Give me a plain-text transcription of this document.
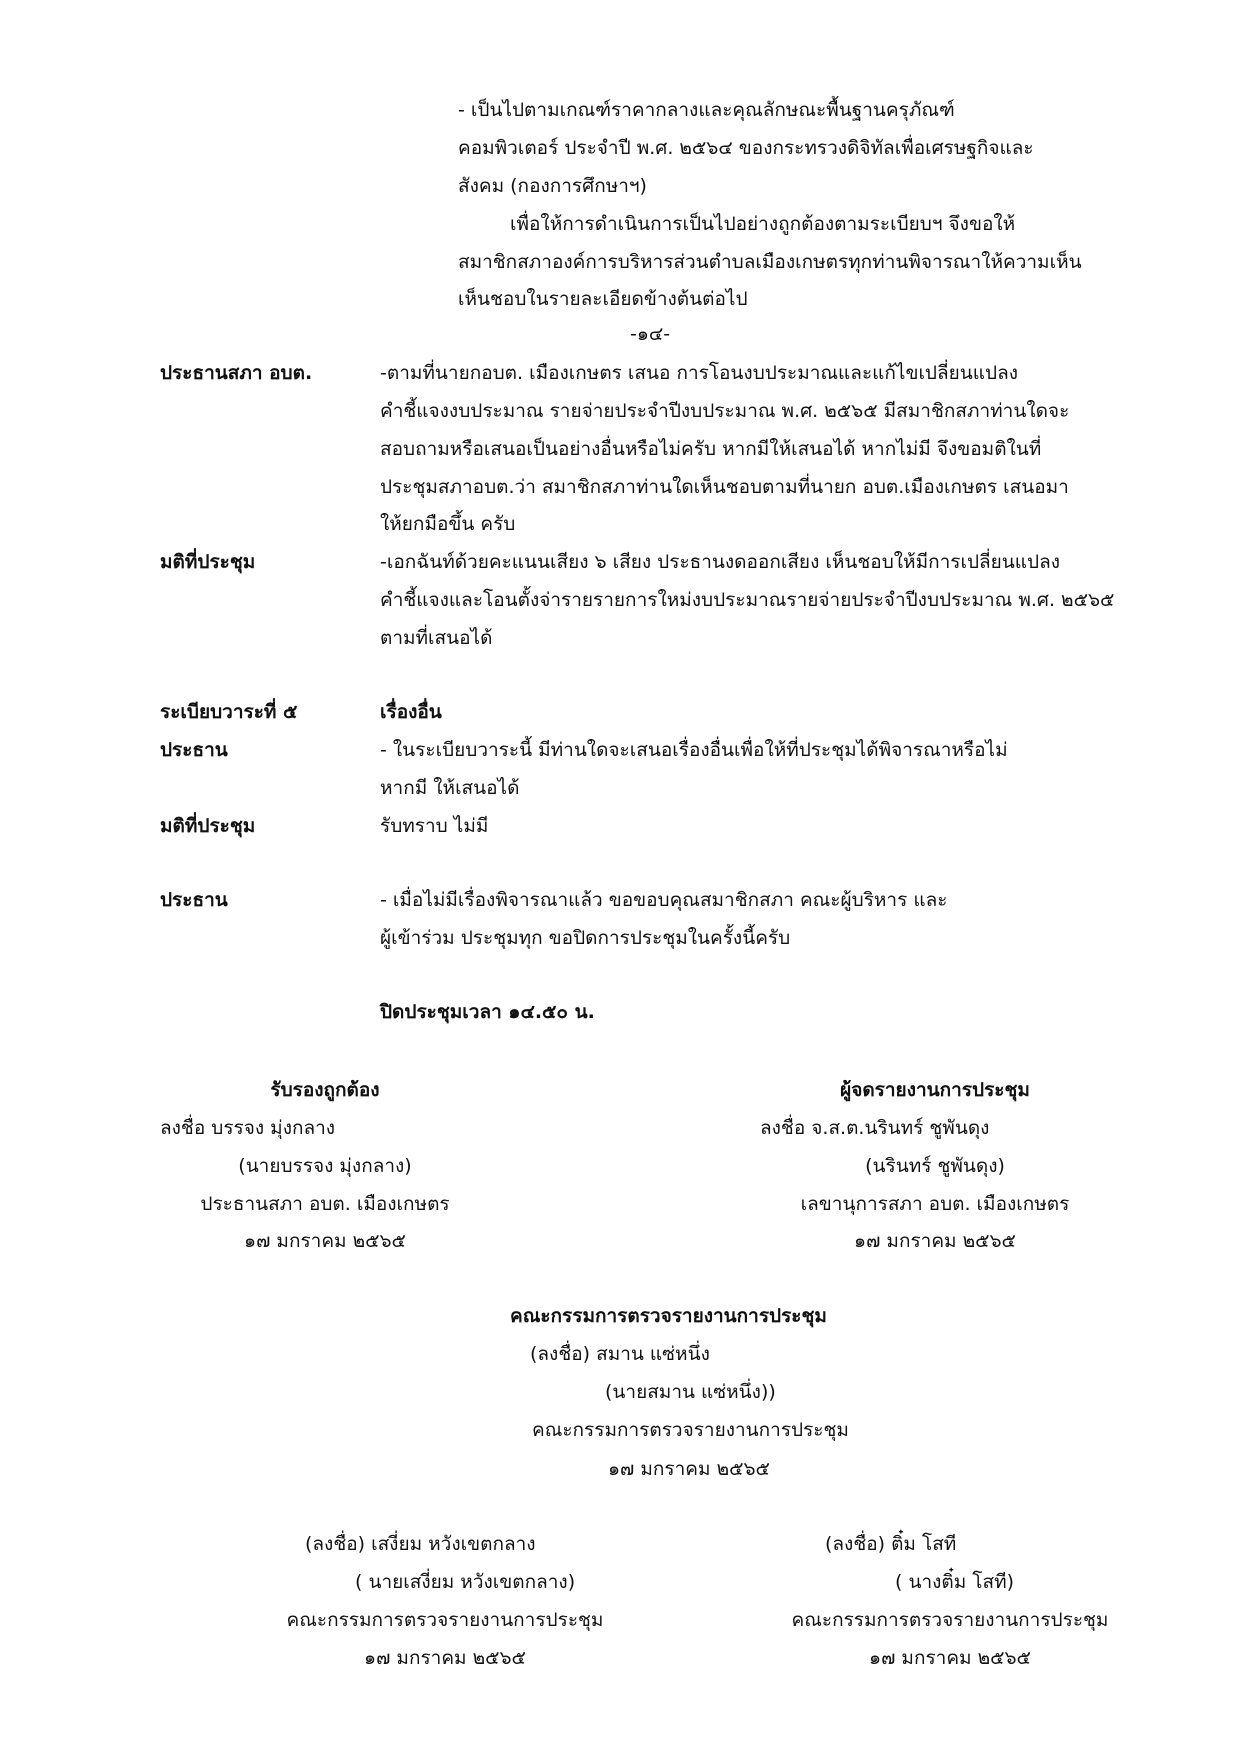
- เป็นไปตามเกณฑ์ราคากลางและคุณลักษณะพื้นฐานครุภัณฑ์
คอมพิวเตอร์ ประจำปี พ.ศ. ๒๕๖๔ ของกระทรวงดิจิทัลเพื่อเศรษฐกิจและ
สังคม (กองการศึกษาฯ)
เพื่อให้การดำเนินการเป็นไปอย่างถูกต้องตามระเบียบฯ จึงขอให้
สมาชิกสภาองค์การบริหารส่วนตำบลเมืองเกษตรทุกท่านพิจารณาให้ความเห็น
เห็นชอบในรายละเอียดข้างต้นต่อไป
-๑๔-
ประธานสภา อบต.	-ตามที่นายกอบต. เมืองเกษตร เสนอ การโอนงบประมาณและแก้ไขเปลี่ยนแปลง
คำชี้แจงงบประมาณ รายจ่ายประจำปีงบประมาณ พ.ศ. ๒๕๖๕ มีสมาชิกสภาท่านใดจะ
สอบถามหรือเสนอเป็นอย่างอื่นหรือไม่ครับ หากมีให้เสนอได้ หากไม่มี จึงขอมติในที่
ประชุมสภาอบต.ว่า สมาชิกสภาท่านใดเห็นชอบตามที่นายก อบต.เมืองเกษตร เสนอมา
ให้ยกมือขึ้น ครับ
มติที่ประชุม	-เอกฉันท์ด้วยคะแนนเสียง ๖ เสียง ประธานงดออกเสียง เห็นชอบให้มีการเปลี่ยนแปลง
คำชี้แจงและโอนตั้งจ่ารายรายการใหม่งบประมาณรายจ่ายประจำปีงบประมาณ พ.ศ. ๒๕๖๕
ตามที่เสนอได้
ระเบียบวาระที่ ๕	เรื่องอื่น
ประธาน	- ในระเบียบวาระนี้ มีท่านใดจะเสนอเรื่องอื่นเพื่อให้ที่ประชุมได้พิจารณาหรือไม่
หากมี ให้เสนอได้
มติที่ประชุม	รับทราบ ไม่มี
ประธาน	- เมื่อไม่มีเรื่องพิจารณาแล้ว ขอขอบคุณสมาชิกสภา คณะผู้บริหาร และ
ผู้เข้าร่วม ประชุมทุก ขอปิดการประชุมในครั้งนี้ครับ
ปิดประชุมเวลา ๑๔.๕๐ น.
รับรองถูกต้อง
ลงชื่อ บรรจง มุ่งกลาง
(นายบรรจง มุ่งกลาง)
ประธานสภา อบต. เมืองเกษตร
๑๗ มกราคม ๒๕๖๕
ผู้จดรายงานการประชุม
ลงชื่อ จ.ส.ต.นรินทร์ ชูพันดุง
(นรินทร์ ชูพันดุง)
เลขานุการสภา อบต. เมืองเกษตร
๑๗ มกราคม ๒๕๖๕
คณะกรรมการตรวจรายงานการประชุม
(ลงชื่อ) สมาน แซ่หนึ่ง
(นายสมาน แซ่หนึ่ง))
คณะกรรมการตรวจรายงานการประชุม
๑๗ มกราคม ๒๕๖๕
(ลงชื่อ) เสงี่ยม หวังเขตกลาง
( นายเสงี่ยม หวังเขตกลาง)
คณะกรรมการตรวจรายงานการประชุม
๑๗ มกราคม ๒๕๖๕
(ลงชื่อ) ติ๋ม โสที
( นางติ๋ม โสที)
คณะกรรมการตรวจรายงานการประชุม
๑๗ มกราคม ๒๕๖๕
